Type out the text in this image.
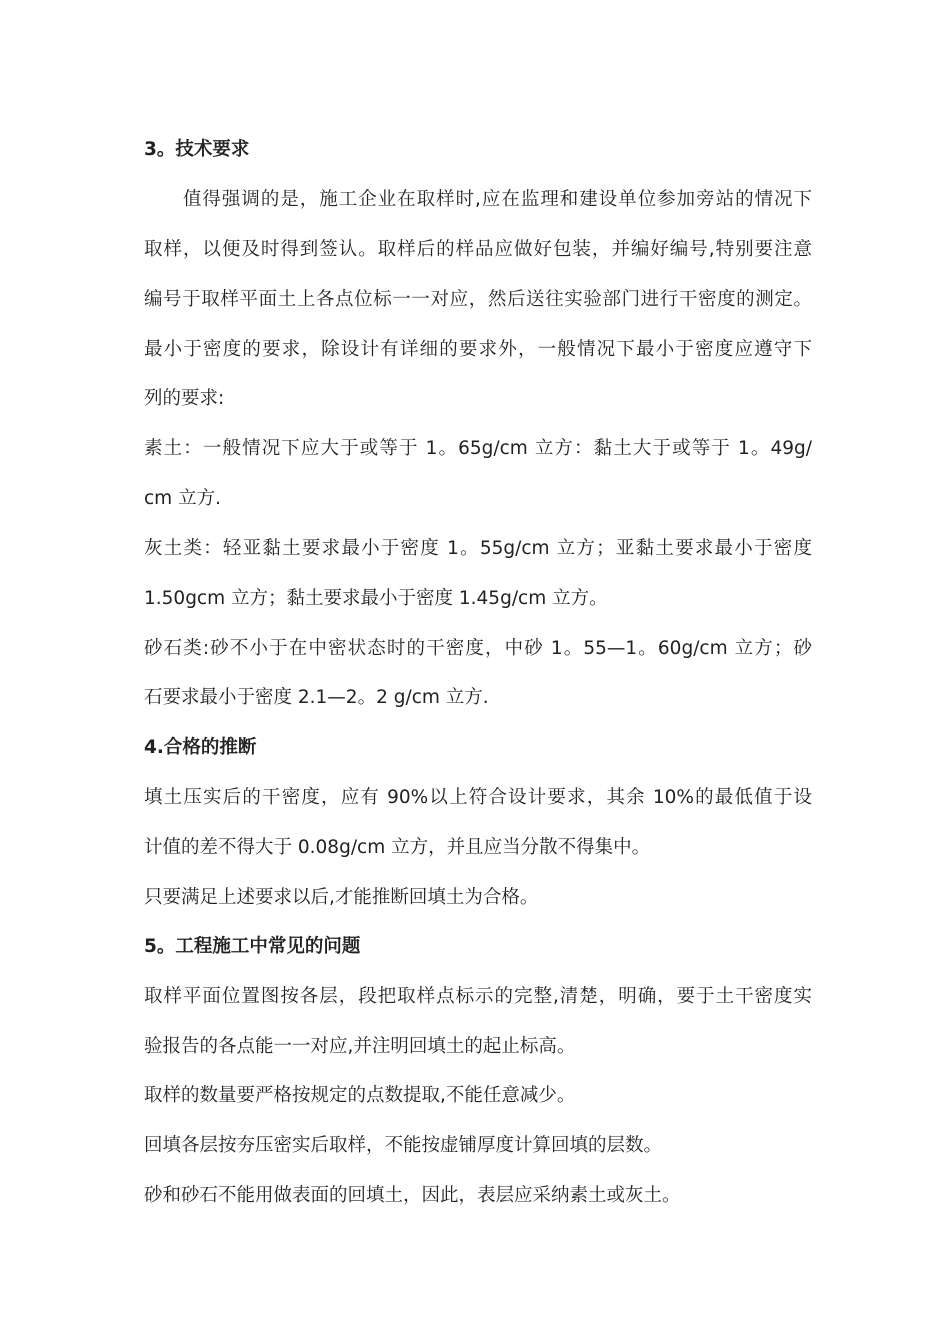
3。技术要求
　　值得强调的是，施工企业在取样时,应在监理和建设单位参加旁站的情况下
取样，以便及时得到签认。取样后的样品应做好包装，并编好编号,特别要注意
编号于取样平面土上各点位标一一对应，然后送往实验部门进行干密度的测定。
最小于密度的要求，除设计有详细的要求外，一般情况下最小于密度应遵守下
列的要求:
素土：一般情况下应大于或等于 1。65g/cm 立方：黏土大于或等于 1。49g/
cm 立方.
灰土类：轻亚黏土要求最小于密度 1。55g/cm 立方；亚黏土要求最小于密度
1.50gcm 立方；黏土要求最小于密度 1.45g/cm 立方。
砂石类:砂不小于在中密状态时的干密度，中砂 1。55—1。60g/cm 立方；砂
石要求最小于密度 2.1—2。2 g/cm 立方.
4.合格的推断
填土压实后的干密度，应有 90%以上符合设计要求，其余 10%的最低值于设
计值的差不得大于 0.08g/cm 立方，并且应当分散不得集中。
只要满足上述要求以后,才能推断回填土为合格。
5。工程施工中常见的问题
取样平面位置图按各层，段把取样点标示的完整,清楚，明确，要于土干密度实
验报告的各点能一一对应,并注明回填土的起止标高。
取样的数量要严格按规定的点数提取,不能任意减少。
回填各层按夯压密实后取样，不能按虚铺厚度计算回填的层数。
砂和砂石不能用做表面的回填土，因此，表层应采纳素土或灰土。
